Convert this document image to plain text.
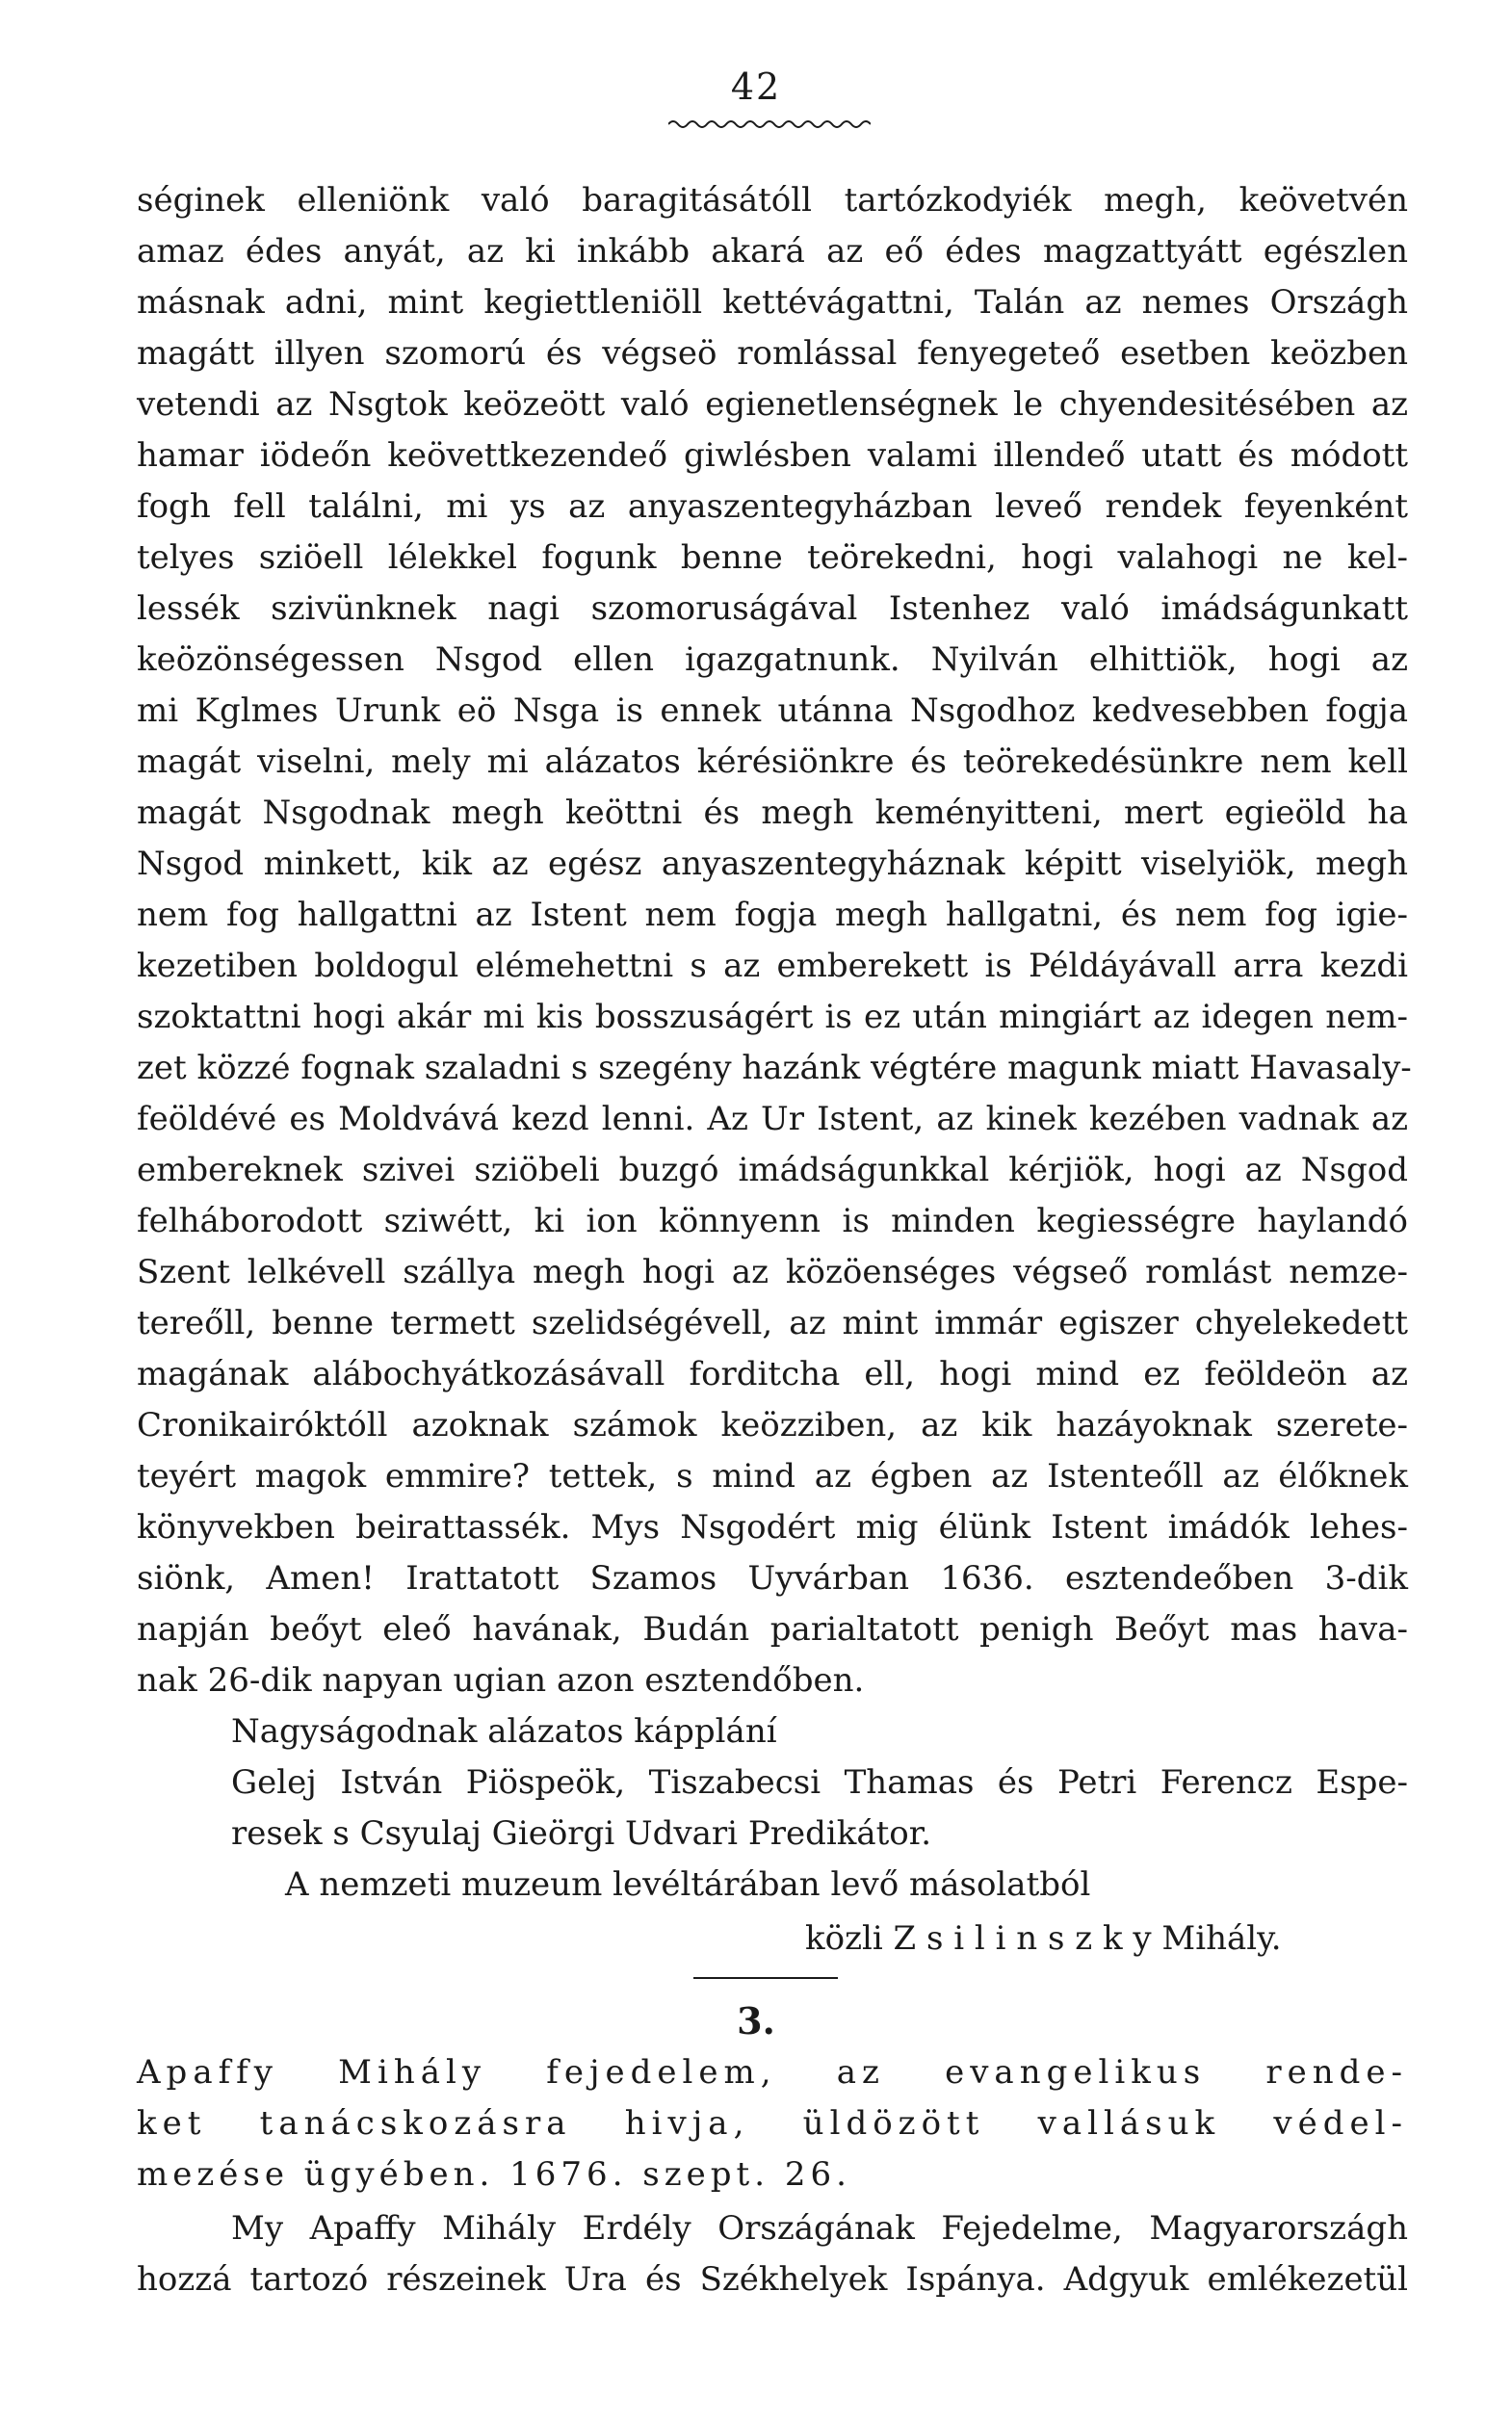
42
séginek elleniönk való baragitásátóll tartózkodyiék megh, keövetvén
amaz édes anyát, az ki inkább akará az eő édes magzattyátt egészlen
másnak adni, mint kegiettleniöll kettévágattni, Talán az nemes Országh
magátt illyen szomorú és végseö romlással fenyegeteő esetben keözben
vetendi az Nsgtok keözeött való egienetlenségnek le chyendesitésében az
hamar iödeőn keövettkezendeő giwlésben valami illendeő utatt és módott
fogh fell találni, mi ys az anyaszentegyházban leveő rendek feyenként
telyes sziöell lélekkel fogunk benne teörekedni, hogi valahogi ne kel-
lessék szivünknek nagi szomoruságával Istenhez való imádságunkatt
keözönségessen Nsgod ellen igazgatnunk. Nyilván elhittiök, hogi az
mi Kglmes Urunk eö Nsga is ennek utánna Nsgodhoz kedvesebben fogja
magát viselni, mely mi alázatos kérésiönkre és teörekedésünkre nem kell
magát Nsgodnak megh keöttni és megh keményitteni, mert egieöld ha
Nsgod minkett, kik az egész anyaszentegyháznak képitt viselyiök, megh
nem fog hallgattni az Istent nem fogja megh hallgatni, és nem fog igie-
kezetiben boldogul elémehettni s az emberekett is Példáyávall arra kezdi
szoktattni hogi akár mi kis bosszuságért is ez után mingiárt az idegen nem-
zet közzé fognak szaladni s szegény hazánk végtére magunk miatt Havasaly-
feöldévé es Moldvává kezd lenni. Az Ur Istent, az kinek kezében vadnak az
embereknek szivei sziöbeli buzgó imádságunkkal kérjiök, hogi az Nsgod
felháborodott sziwétt, ki ion könnyenn is minden kegiességre haylandó
Szent lelkévell szállya megh hogi az közöenséges végseő romlást nemze-
tereőll, benne termett szelidségévell, az mint immár egiszer chyelekedett
magának alábochyátkozásávall forditcha ell, hogi mind ez feöldeön az
Cronikairóktóll azoknak számok keözziben, az kik hazáyoknak szerete-
teyért magok emmire? tettek, s mind az égben az Istenteőll az élőknek
könyvekben beirattassék. Mys Nsgodért mig élünk Istent imádók lehes-
siönk, Amen! Irattatott Szamos Uyvárban 1636. esztendeőben 3-dik
napján beőyt eleő havának, Budán parialtatott penigh Beőyt mas hava-
nak 26-dik napyan ugian azon esztendőben.
Nagyságodnak alázatos kápplání
Gelej István Piöspeök, Tiszabecsi Thamas és Petri Ferencz Espe-
resek s Csyulaj Gieörgi Udvari Predikátor.
A nemzeti muzeum levéltárában levő másolatból
közli Z s i l i n s z k y Mihály.
3.
Apaffy Mihály fejedelem, az evangelikus rende-
ket tanácskozásra hivja, üldözött vallásuk védel-
mezése ügyében. 1676. szept. 26.
My Apaffy Mihály Erdély Országának Fejedelme, Magyarországh
hozzá tartozó részeinek Ura és Székhelyek Ispánya. Adgyuk emlékezetül
